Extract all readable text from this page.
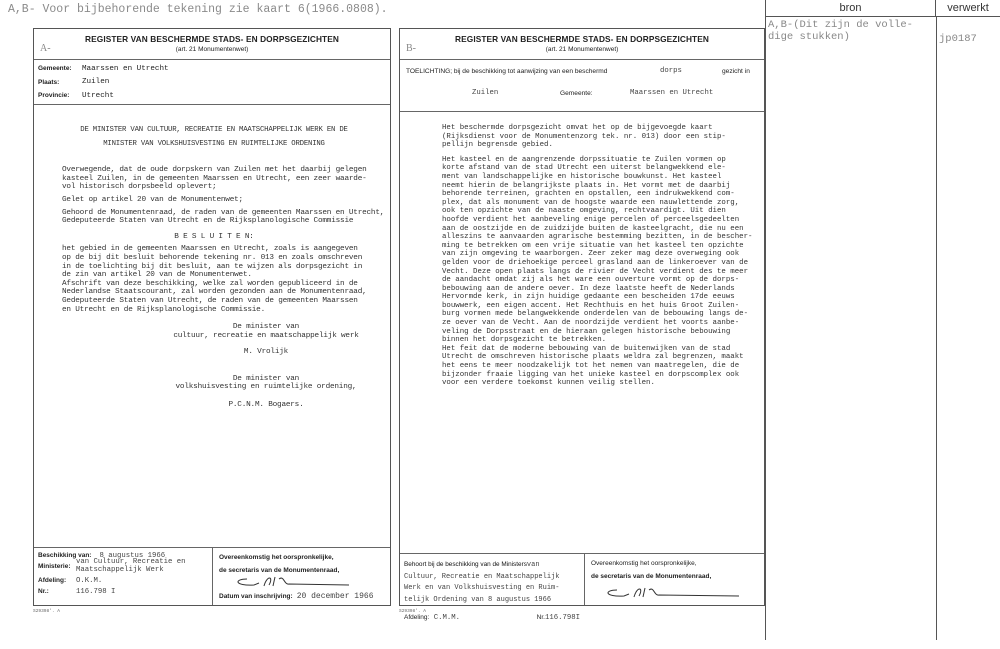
A,B- Voor bijbehorende tekening zie kaart 6(1966.0808).
A-
REGISTER VAN BESCHERMDE STADS- EN DORPSGEZICHTEN
(art. 21 Monumentenwet)
Gemeente:	Maarssen en Utrecht
Plaats:	Zuilen
Provincie:	Utrecht
DE MINISTER VAN CULTUUR, RECREATIE EN MAATSCHAPPELIJK WERK EN DE
MINISTER VAN VOLKSHUISVESTING EN RUIMTELIJKE ORDENING
Overwegende, dat de oude dorpskern van Zuilen met het daarbij gelegen
kasteel Zuilen, in de gemeenten Maarssen en Utrecht, een zeer waarde-
vol historisch dorpsbeeld oplevert;
Gelet op artikel 20 van de Monumentenwet;
Gehoord de Monumentenraad, de raden van de gemeenten Maarssen en Utrecht,
Gedeputeerde Staten van Utrecht en de Rijksplanologische Commissie
B E S L U I T E N:
het gebied in de gemeenten Maarssen en Utrecht, zoals is aangegeven
op de bij dit besluit behorende tekening nr. 013 en zoals omschreven
in de toelichting bij dit besluit, aan te wijzen als dorpsgezicht in
de zin van artikel 20 van de Monumentenwet.
Afschrift van deze beschikking, welke zal worden gepubliceerd in de
Nederlandse Staatscourant, zal worden gezonden aan de Monumentenraad,
Gedeputeerde Staten van Utrecht, de raden van de gemeenten Maarssen
en Utrecht en de Rijksplanologische Commissie.
De minister van
cultuur, recreatie en maatschappelijk werk
M. Vrolijk
De minister van
volkshuisvesting en ruimtelijke ordening,
P.C.N.M. Bogaers.
Beschikking van: 8 augustus 1966
Ministerie:
van Cultuur, Recreatie en
Maatschappelijk Werk
Afdeling:	O.K.M.
Nr.:	116.798 I
Overeenkomstig het oorspronkelijke,
de secretaris van de Monumentenraad,
Datum van inschrijving: 20 december 1966
S29398'. A
B-
REGISTER VAN BESCHERMDE STADS- EN DORPSGEZICHTEN
(art. 21 Monumentenwet)
TOELICHTING; bij de beschikking tot aanwijzing van een beschermd	dorps	gezicht in
Zuilen	Gemeente:	Maarssen en Utrecht
Het beschermde dorpsgezicht omvat het op de bijgevoegde kaart
(Rijksdienst voor de Monumentenzorg tek. nr. 013) door een stip-
pellijn begrensde gebied.
Het kasteel en de aangrenzende dorpssituatie te Zuilen vormen op
korte afstand van de stad Utrecht een uiterst belangwekkend ele-
ment van landschappelijke en historische bouwkunst. Het kasteel
neemt hierin de belangrijkste plaats in. Het vormt met de daarbij
behorende terreinen, grachten en opstallen, een indrukwekkend com-
plex, dat als monument van de hoogste waarde een nauwlettende zorg,
ook ten opzichte van de naaste omgeving, rechtvaardigt. Uit dien
hoofde verdient het aanbeveling enige percelen of perceelsgedeelten
aan de oostzijde en de zuidzijde buiten de kasteelgracht, die nu een
alleszins te aanvaarden agrarische bestemming bezitten, in de bescher-
ming te betrekken om een vrije situatie van het kasteel ten opzichte
van zijn omgeving te waarborgen. Zeer zeker mag deze overweging ook
gelden voor de driehoekige perceel grasland aan de linkeroever van de
Vecht. Deze open plaats langs de rivier de Vecht verdient des te meer
de aandacht omdat zij als het ware een ouverture vormt op de dorps-
bebouwing aan de andere oever. In deze laatste heeft de Nederlands
Hervormde kerk, in zijn huidige gedaante een bescheiden 17de eeuws
bouwwerk, een eigen accent. Het Rechthuis en het huis Groot Zuilen-
burg vormen mede belangwekkende onderdelen van de bebouwing langs de-
ze oever van de Vecht. Aan de noordzijde verdient het voorts aanbe-
veling de Dorpsstraat en de hieraan gelegen historische bebouwing
binnen het dorpsgezicht te betrekken.
Het feit dat de moderne bebouwing van de buitenwijken van de stad
Utrecht de omschreven historische plaats weldra zal begrenzen, maakt
het eens te meer noodzakelijk tot het nemen van maatregelen, die de
bijzonder fraaie ligging van het unieke kasteel en dorpscomplex ook
voor een verdere toekomst kunnen veilig stellen.
Behoort bij de beschikking van de Ministersvan
Cultuur, Recreatie en Maatschappelijk
Werk en van Volkshuisvesting en Ruim-
telijk Ordening van 8 augustus 1966
Afdeling: C.M.M.	Nr.116.798I
Overeenkomstig het oorspronkelijke,
de secretaris van de Monumentenraad,
S29398'. A
bron	verwerkt
A,B-(Dit zijn de volle-
dige stukken)	jp0187
